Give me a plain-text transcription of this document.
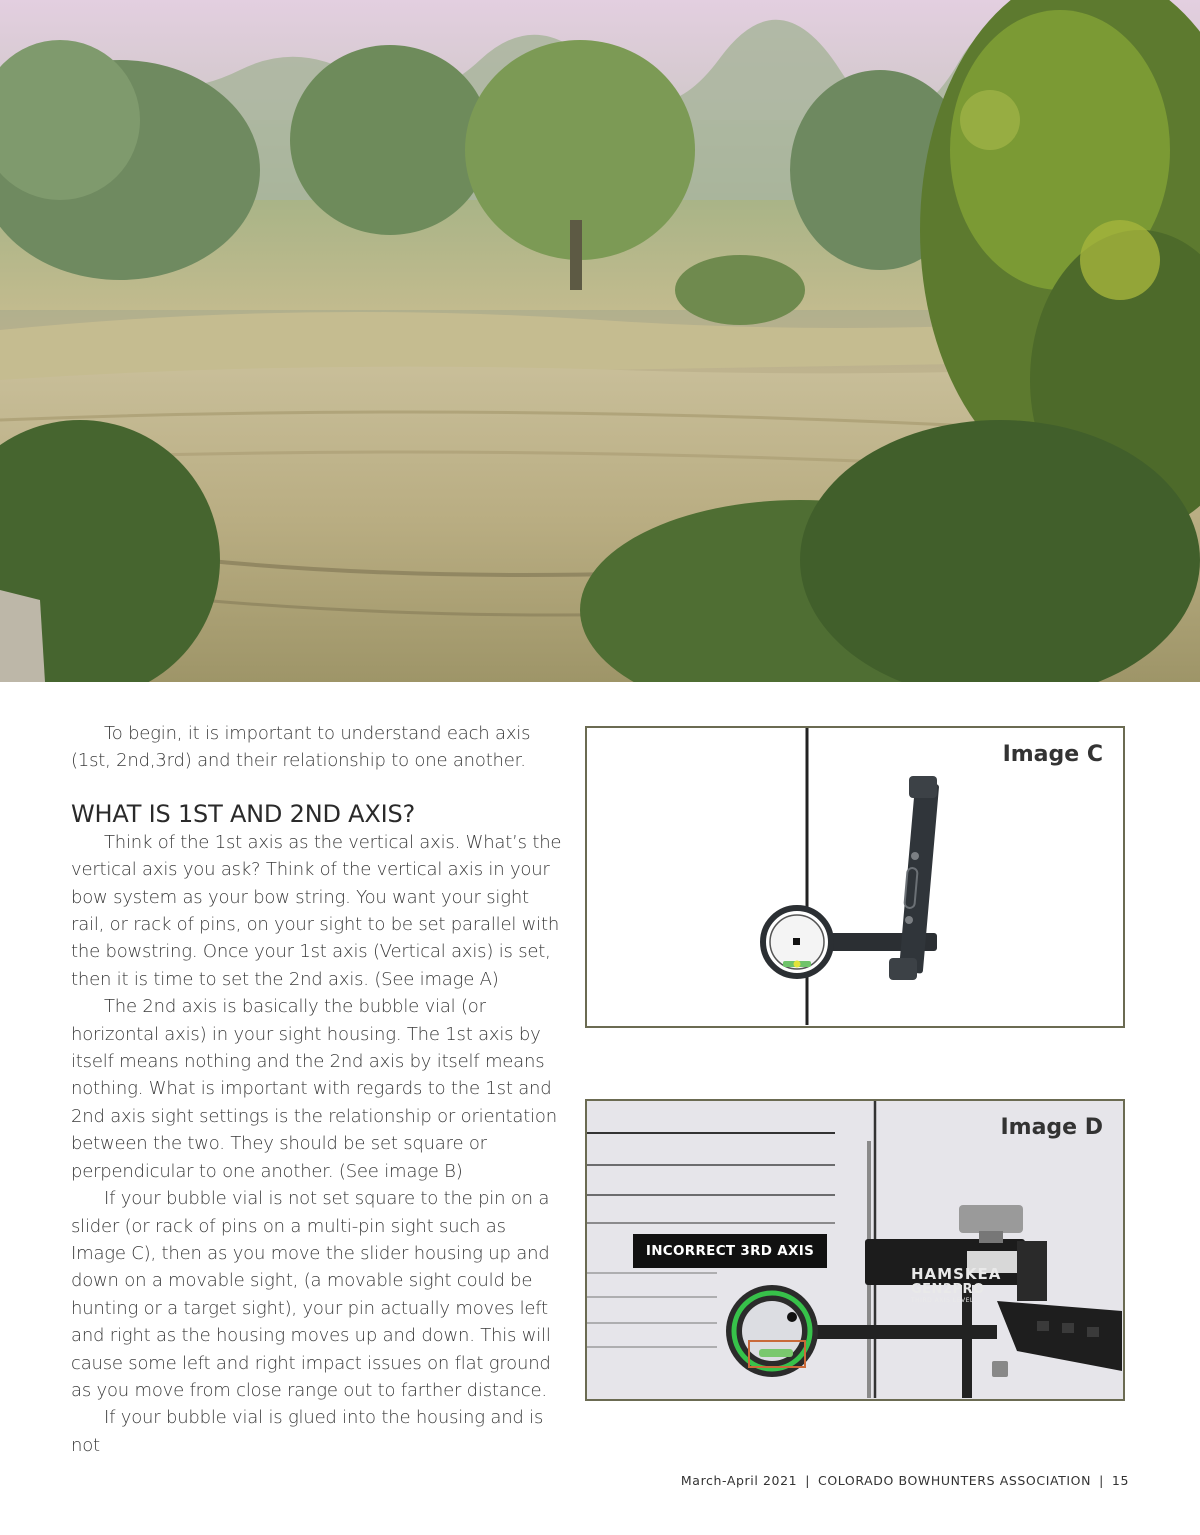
To begin, it is important to understand each axis (1st, 2nd,3rd) and their relationship to one another.

WHAT IS 1ST AND 2ND AXIS?

Think of the 1st axis as the vertical axis. What’s the vertical axis you ask? Think of the vertical axis in your bow system as your bow string. You want your sight rail, or rack of pins, on your sight to be set parallel with the bowstring. Once your 1st axis (Vertical axis) is set, then it is time to set the 2nd axis. (See image A)

The 2nd axis is basically the bubble vial (or horizontal axis) in your sight housing. The 1st axis by itself means nothing and the 2nd axis by itself means nothing. What is important with regards to the 1st and 2nd axis sight settings is the relationship or orientation between the two. They should be set square or perpendicular to one another. (See image B)

If your bubble vial is not set square to the pin on a slider (or rack of pins on a multi-pin sight such as Image C), then as you move the slider housing up and down on a movable sight, (a movable sight could be hunting or a target sight), your pin actually moves left and right as the housing moves up and down. This will cause some left and right impact issues on flat ground as you move from close range out to farther distance.

If your bubble vial is glued into the housing and is not

Image C
Image D
INCORRECT 3RD AXIS
HAMSKEA
GEN2PRO
THIRD AXIS LEVEL
March-April 2021 | COLORADO BOWHUNTERS ASSOCIATION | 15
